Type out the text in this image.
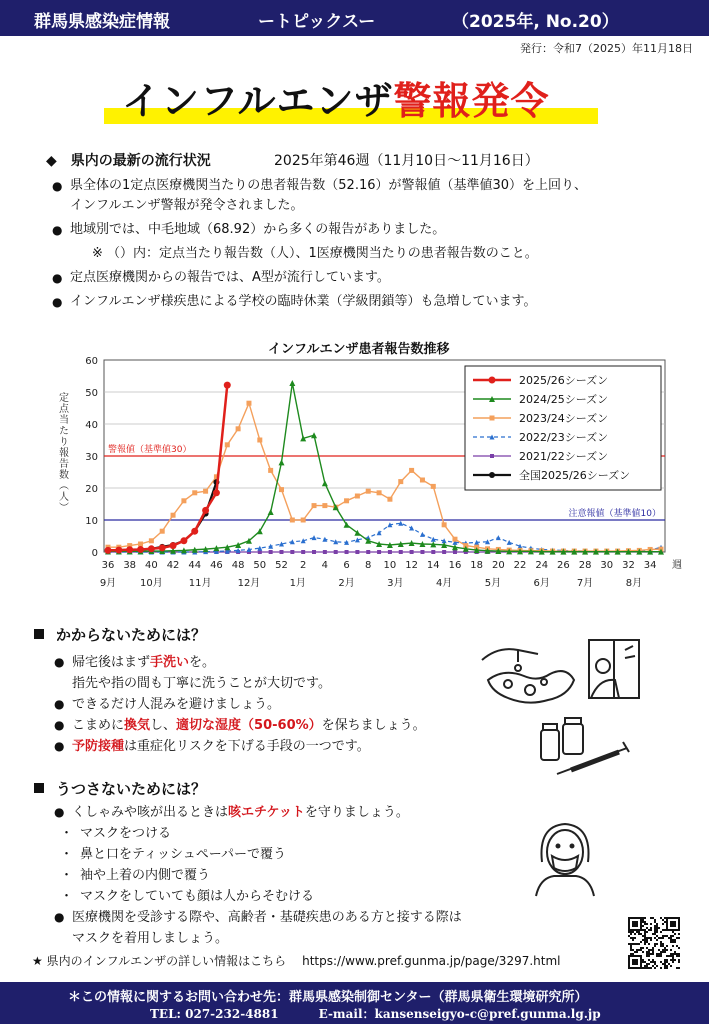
群馬県感染症情報	ートピックスー	（2025年, No.20）
発行：令和7（2025）年11月18日
インフルエンザ警報発令
◆　県内の最新の流行状況	2025年第46週（11月10日～11月16日）
● 県全体の1定点医療機関当たりの患者報告数（52.16）が警報値（基準値30）を上回り、
インフルエンザ警報が発令されました。
● 地域別では、中毛地域（68.92）から多くの報告がありました。
※ （）内：定点当たり報告数（人）、1医療機関当たりの患者報告数のこと。
● 定点医療機関からの報告では、A型が流行しています。
● インフルエンザ様疾患による学校の臨時休業（学級閉鎖等）も急増しています。
インフルエンザ患者報告数推移
0
10
20
30
40
50
60
定点当たり報告数（人）	警報値（基準値30）
注意報値（基準値10）
36 38 40 42 44 46 48 50 52 2 4 6 8 10 12 14 16 18 20 22 24 26 28 30 32 34 週
9月 10月	11月	12月	1月	2月	3月	4月	5月	6月	7月	8月
2025/26シーズン
2024/25シーズン
2023/24シーズン
2022/23シーズン
2021/22シーズン
全国2025/26シーズン
かからないためには？
● 帰宅後はまず手洗いを。
指先や指の間も丁寧に洗うことが大切です。
● できるだけ人混みを避けましょう。
● こまめに換気し、適切な湿度（50-60%）を保ちましょう。
● 予防接種は重症化リスクを下げる手段の一つです。
うつさないためには？
● くしゃみや咳が出るときは咳エチケットを守りましょう。
・ マスクをつける
・ 鼻と口をティッシュペーパーで覆う
・ 袖や上着の内側で覆う
・ マスクをしていても顔は人からそむける
● 医療機関を受診する際や、高齢者・基礎疾患のある方と接する際は
マスクを着用しましょう。
★ 県内のインフルエンザの詳しい情報はこちら https://www.pref.gunma.jp/page/3297.html
＊この情報に関するお問い合わせ先：群馬県感染制御センター（群馬県衛生環境研究所）
TEL: 027-232-4881	E-mail：kansenseigyo-c@pref.gunma.lg.jp
